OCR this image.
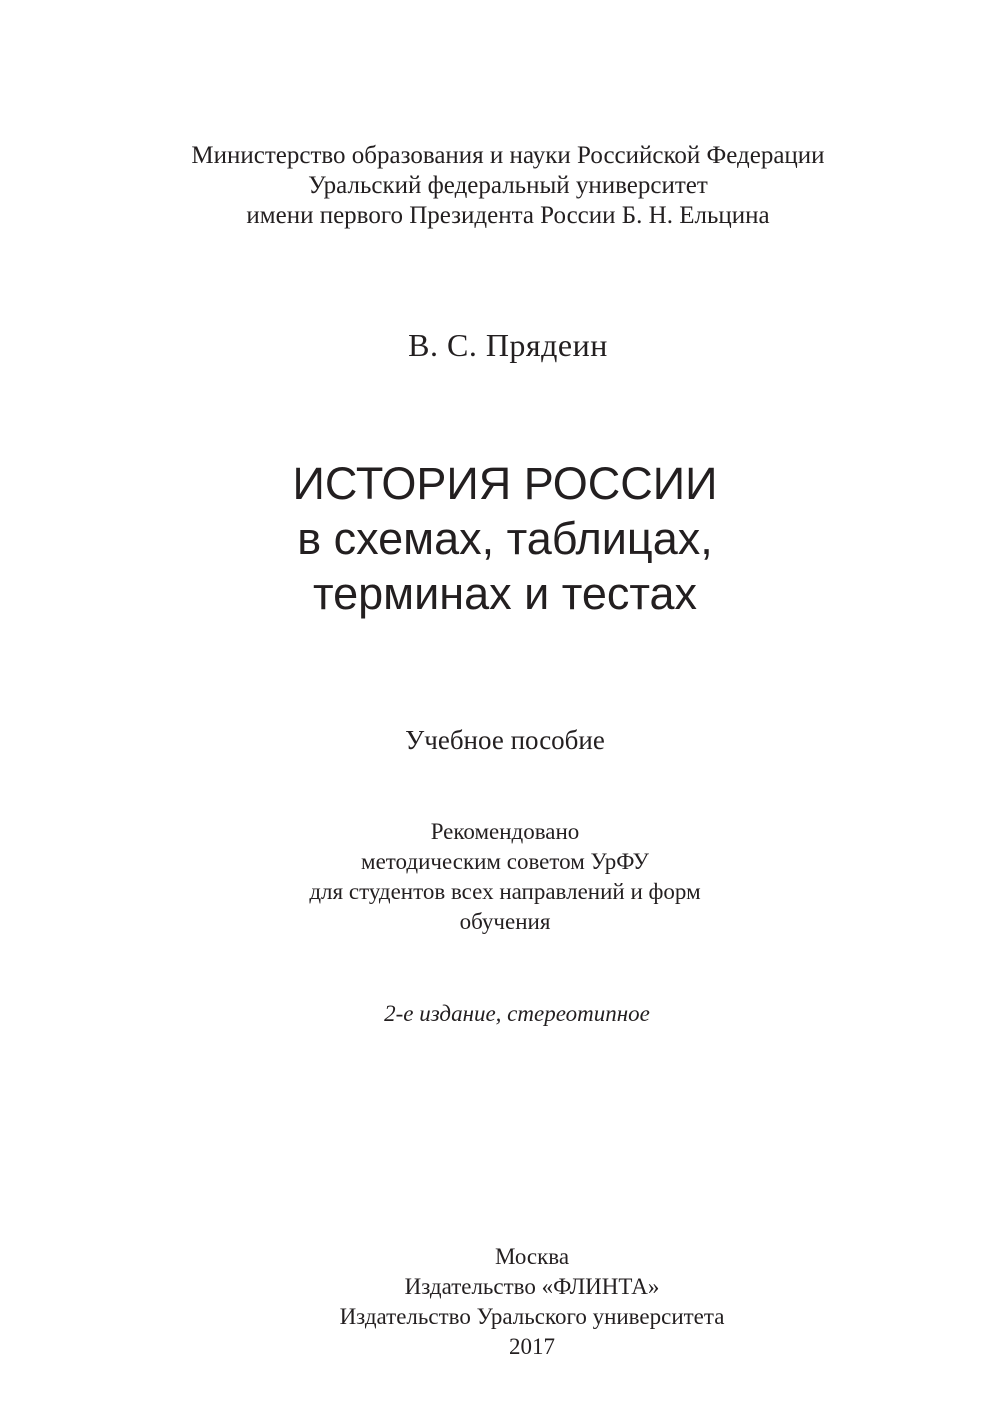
Министерство образования и науки Российской Федерации
Уральский федеральный университет
имени первого Президента России Б. Н. Ельцина
В. С. Прядеин
ИСТОРИЯ РОССИИ
в схемах, таблицах,
терминах и тестах
Учебное пособие
Рекомендовано
методическим советом УрФУ
для студентов всех направлений и форм
обучения
2-е издание, стереотипное
Москва
Издательство «ФЛИНТА»
Издательство Уральского университета
2017
